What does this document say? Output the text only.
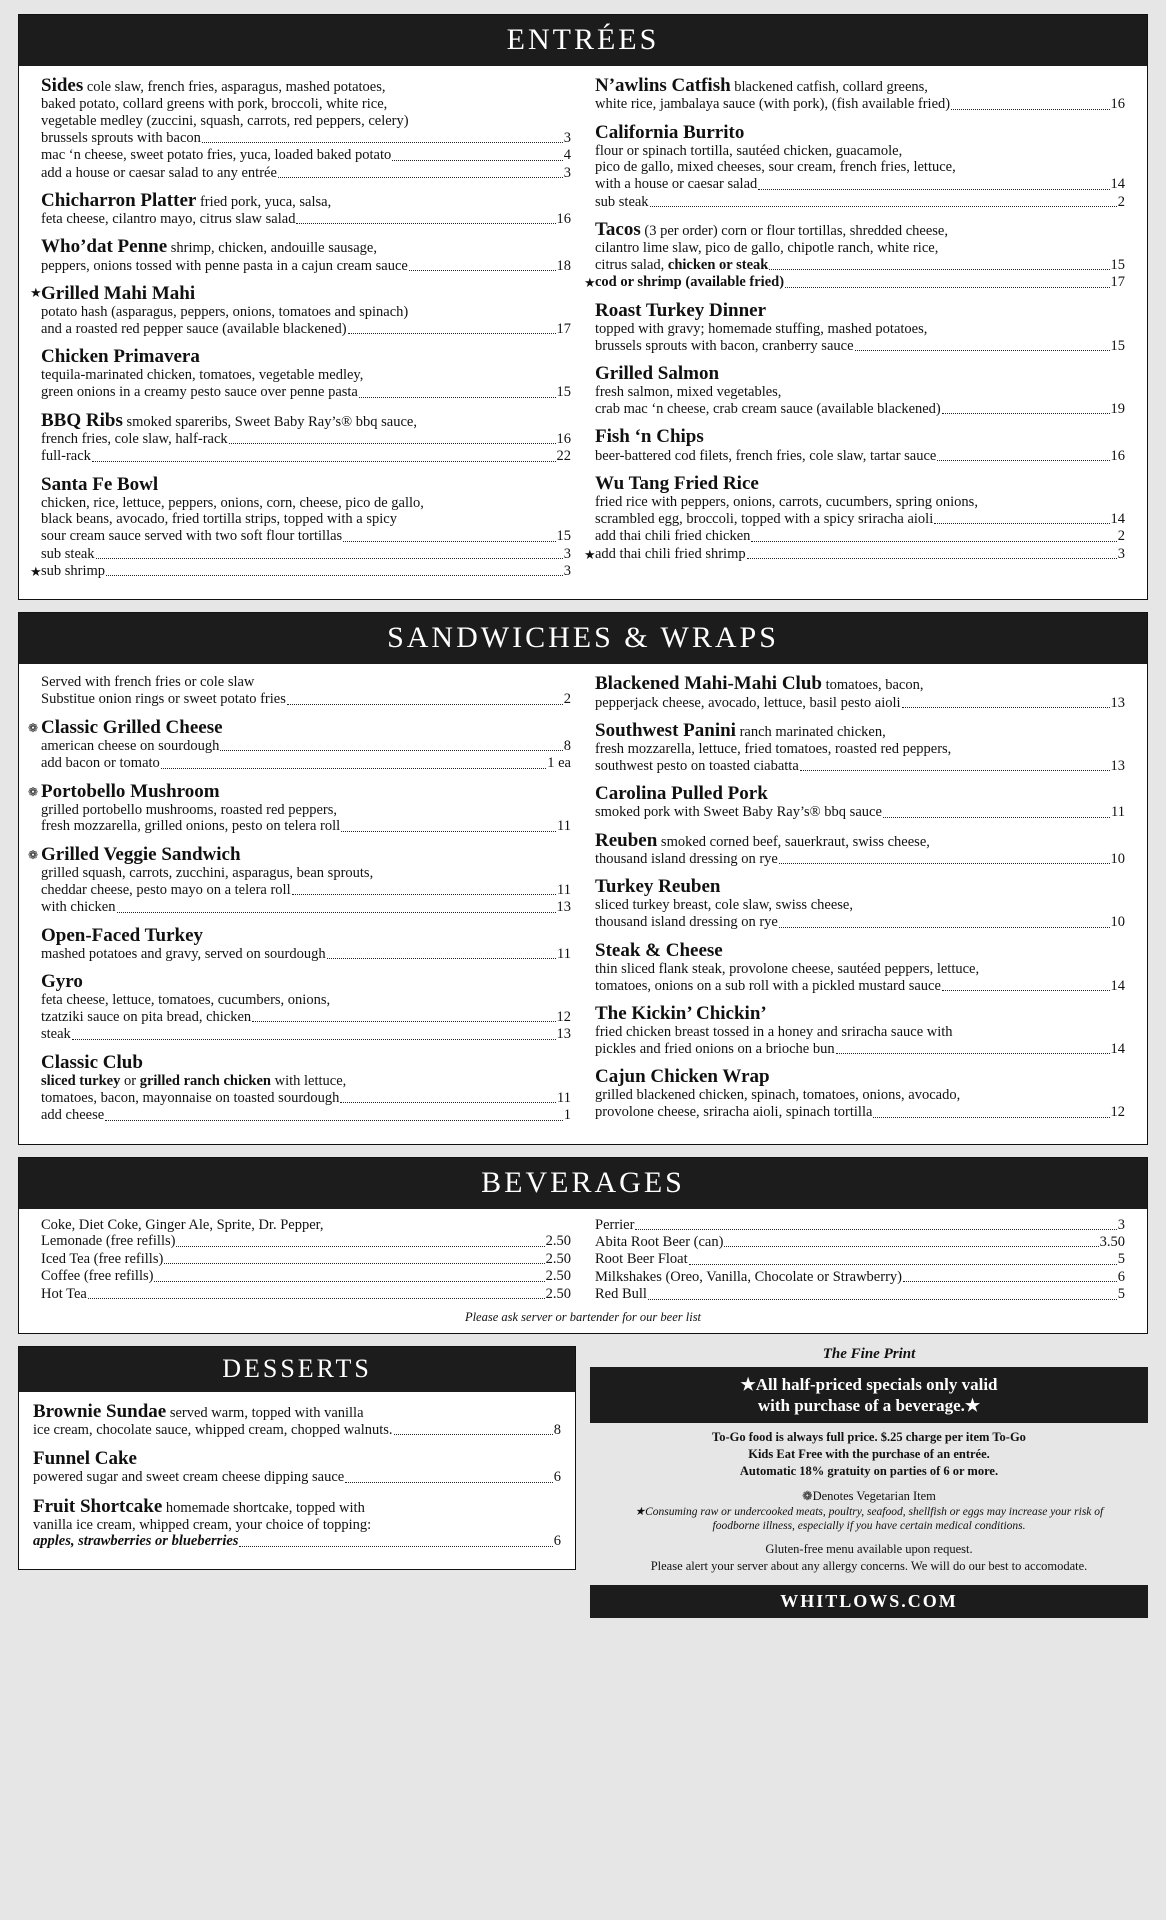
ENTRÉES
Sides cole slaw, french fries, asparagus, mashed potatoes,
baked potato, collard greens with pork, broccoli, white rice,
vegetable medley (zuccini, squash, carrots, red peppers, celery)
brussels sprouts with bacon	3
mac ‘n cheese, sweet potato fries, yuca, loaded baked potato	4
add a house or caesar salad to any entrée	3
Chicharron Platter fried pork, yuca, salsa,
feta cheese, cilantro mayo, citrus slaw salad	16
Who’dat Penne shrimp, chicken, andouille sausage,
peppers, onions tossed with penne pasta in a cajun cream sauce	18
★ Grilled Mahi Mahi
potato hash (asparagus, peppers, onions, tomatoes and spinach)
and a roasted red pepper sauce (available blackened)	17
Chicken Primavera
tequila-marinated chicken, tomatoes, vegetable medley,
green onions in a creamy pesto sauce over penne pasta	15
BBQ Ribs smoked spareribs, Sweet Baby Ray’s® bbq sauce,
french fries, cole slaw, half-rack	16
full-rack	22
Santa Fe Bowl
chicken, rice, lettuce, peppers, onions, corn, cheese, pico de gallo,
black beans, avocado, fried tortilla strips, topped with a spicy
sour cream sauce served with two soft flour tortillas	15
sub steak	3
★ sub shrimp	3
N’awlins Catfish blackened catfish, collard greens,
white rice, jambalaya sauce (with pork), (fish available fried)	16
California Burrito
flour or spinach tortilla, sautéed chicken, guacamole,
pico de gallo, mixed cheeses, sour cream, french fries, lettuce,
with a house or caesar salad	14
sub steak	2
Tacos (3 per order) corn or flour tortillas, shredded cheese,
cilantro lime slaw, pico de gallo, chipotle ranch, white rice,
citrus salad, chicken or steak	15
★ cod or shrimp (available fried)	17
Roast Turkey Dinner
topped with gravy; homemade stuffing, mashed potatoes,
brussels sprouts with bacon, cranberry sauce	15
Grilled Salmon
fresh salmon, mixed vegetables,
crab mac ‘n cheese, crab cream sauce (available blackened)	19
Fish ‘n Chips
beer-battered cod filets, french fries, cole slaw, tartar sauce	16
Wu Tang Fried Rice
fried rice with peppers, onions, carrots, cucumbers, spring onions,
scrambled egg, broccoli, topped with a spicy sriracha aioli	14
add thai chili fried chicken	2
★ add thai chili fried shrimp	3
SANDWICHES & WRAPS
Served with french fries or cole slaw
Substitue onion rings or sweet potato fries	2
❁ Classic Grilled Cheese
american cheese on sourdough	8
add bacon or tomato	1 ea
❁ Portobello Mushroom
grilled portobello mushrooms, roasted red peppers,
fresh mozzarella, grilled onions, pesto on telera roll	11
❁ Grilled Veggie Sandwich
grilled squash, carrots, zucchini, asparagus, bean sprouts,
cheddar cheese, pesto mayo on a telera roll	11
with chicken	13
Open-Faced Turkey
mashed potatoes and gravy, served on sourdough	11
Gyro
feta cheese, lettuce, tomatoes, cucumbers, onions,
tzatziki sauce on pita bread, chicken	12
steak	13
Classic Club
sliced turkey or grilled ranch chicken with lettuce,
tomatoes, bacon, mayonnaise on toasted sourdough	11
add cheese	1
Blackened Mahi-Mahi Club tomatoes, bacon,
pepperjack cheese, avocado, lettuce, basil pesto aioli	13
Southwest Panini ranch marinated chicken,
fresh mozzarella, lettuce, fried tomatoes, roasted red peppers,
southwest pesto on toasted ciabatta	13
Carolina Pulled Pork
smoked pork with Sweet Baby Ray’s® bbq sauce	11
Reuben smoked corned beef, sauerkraut, swiss cheese,
thousand island dressing on rye	10
Turkey Reuben
sliced turkey breast, cole slaw, swiss cheese,
thousand island dressing on rye	10
Steak & Cheese
thin sliced flank steak, provolone cheese, sautéed peppers, lettuce,
tomatoes, onions on a sub roll with a pickled mustard sauce	14
The Kickin’ Chickin’
fried chicken breast tossed in a honey and sriracha sauce with
pickles and fried onions on a brioche bun	14
Cajun Chicken Wrap
grilled blackened chicken, spinach, tomatoes, onions, avocado,
provolone cheese, sriracha aioli, spinach tortilla	12
BEVERAGES
Coke, Diet Coke, Ginger Ale, Sprite, Dr. Pepper,
Lemonade (free refills)	2.50
Iced Tea (free refills)	2.50
Coffee (free refills)	2.50
Hot Tea	2.50
Perrier	3
Abita Root Beer (can)	3.50
Root Beer Float	5
Milkshakes (Oreo, Vanilla, Chocolate or Strawberry)	6
Red Bull	5
Please ask server or bartender for our beer list
DESSERTS
Brownie Sundae served warm, topped with vanilla
ice cream, chocolate sauce, whipped cream, chopped walnuts.	8
Funnel Cake
powered sugar and sweet cream cheese dipping sauce	6
Fruit Shortcake homemade shortcake, topped with
vanilla ice cream, whipped cream, your choice of topping:
apples, strawberries or blueberries	6
The Fine Print
★All half-priced specials only valid
with purchase of a beverage.★
To-Go food is always full price. $.25 charge per item To-Go
Kids Eat Free with the purchase of an entrée.
Automatic 18% gratuity on parties of 6 or more.
❁Denotes Vegetarian Item
★Consuming raw or undercooked meats, poultry, seafood, shellfish or eggs may increase your risk of
foodborne illness, especially if you have certain medical conditions.
Gluten-free menu available upon request.
Please alert your server about any allergy concerns. We will do our best to accomodate.
WHITLOWS.COM
